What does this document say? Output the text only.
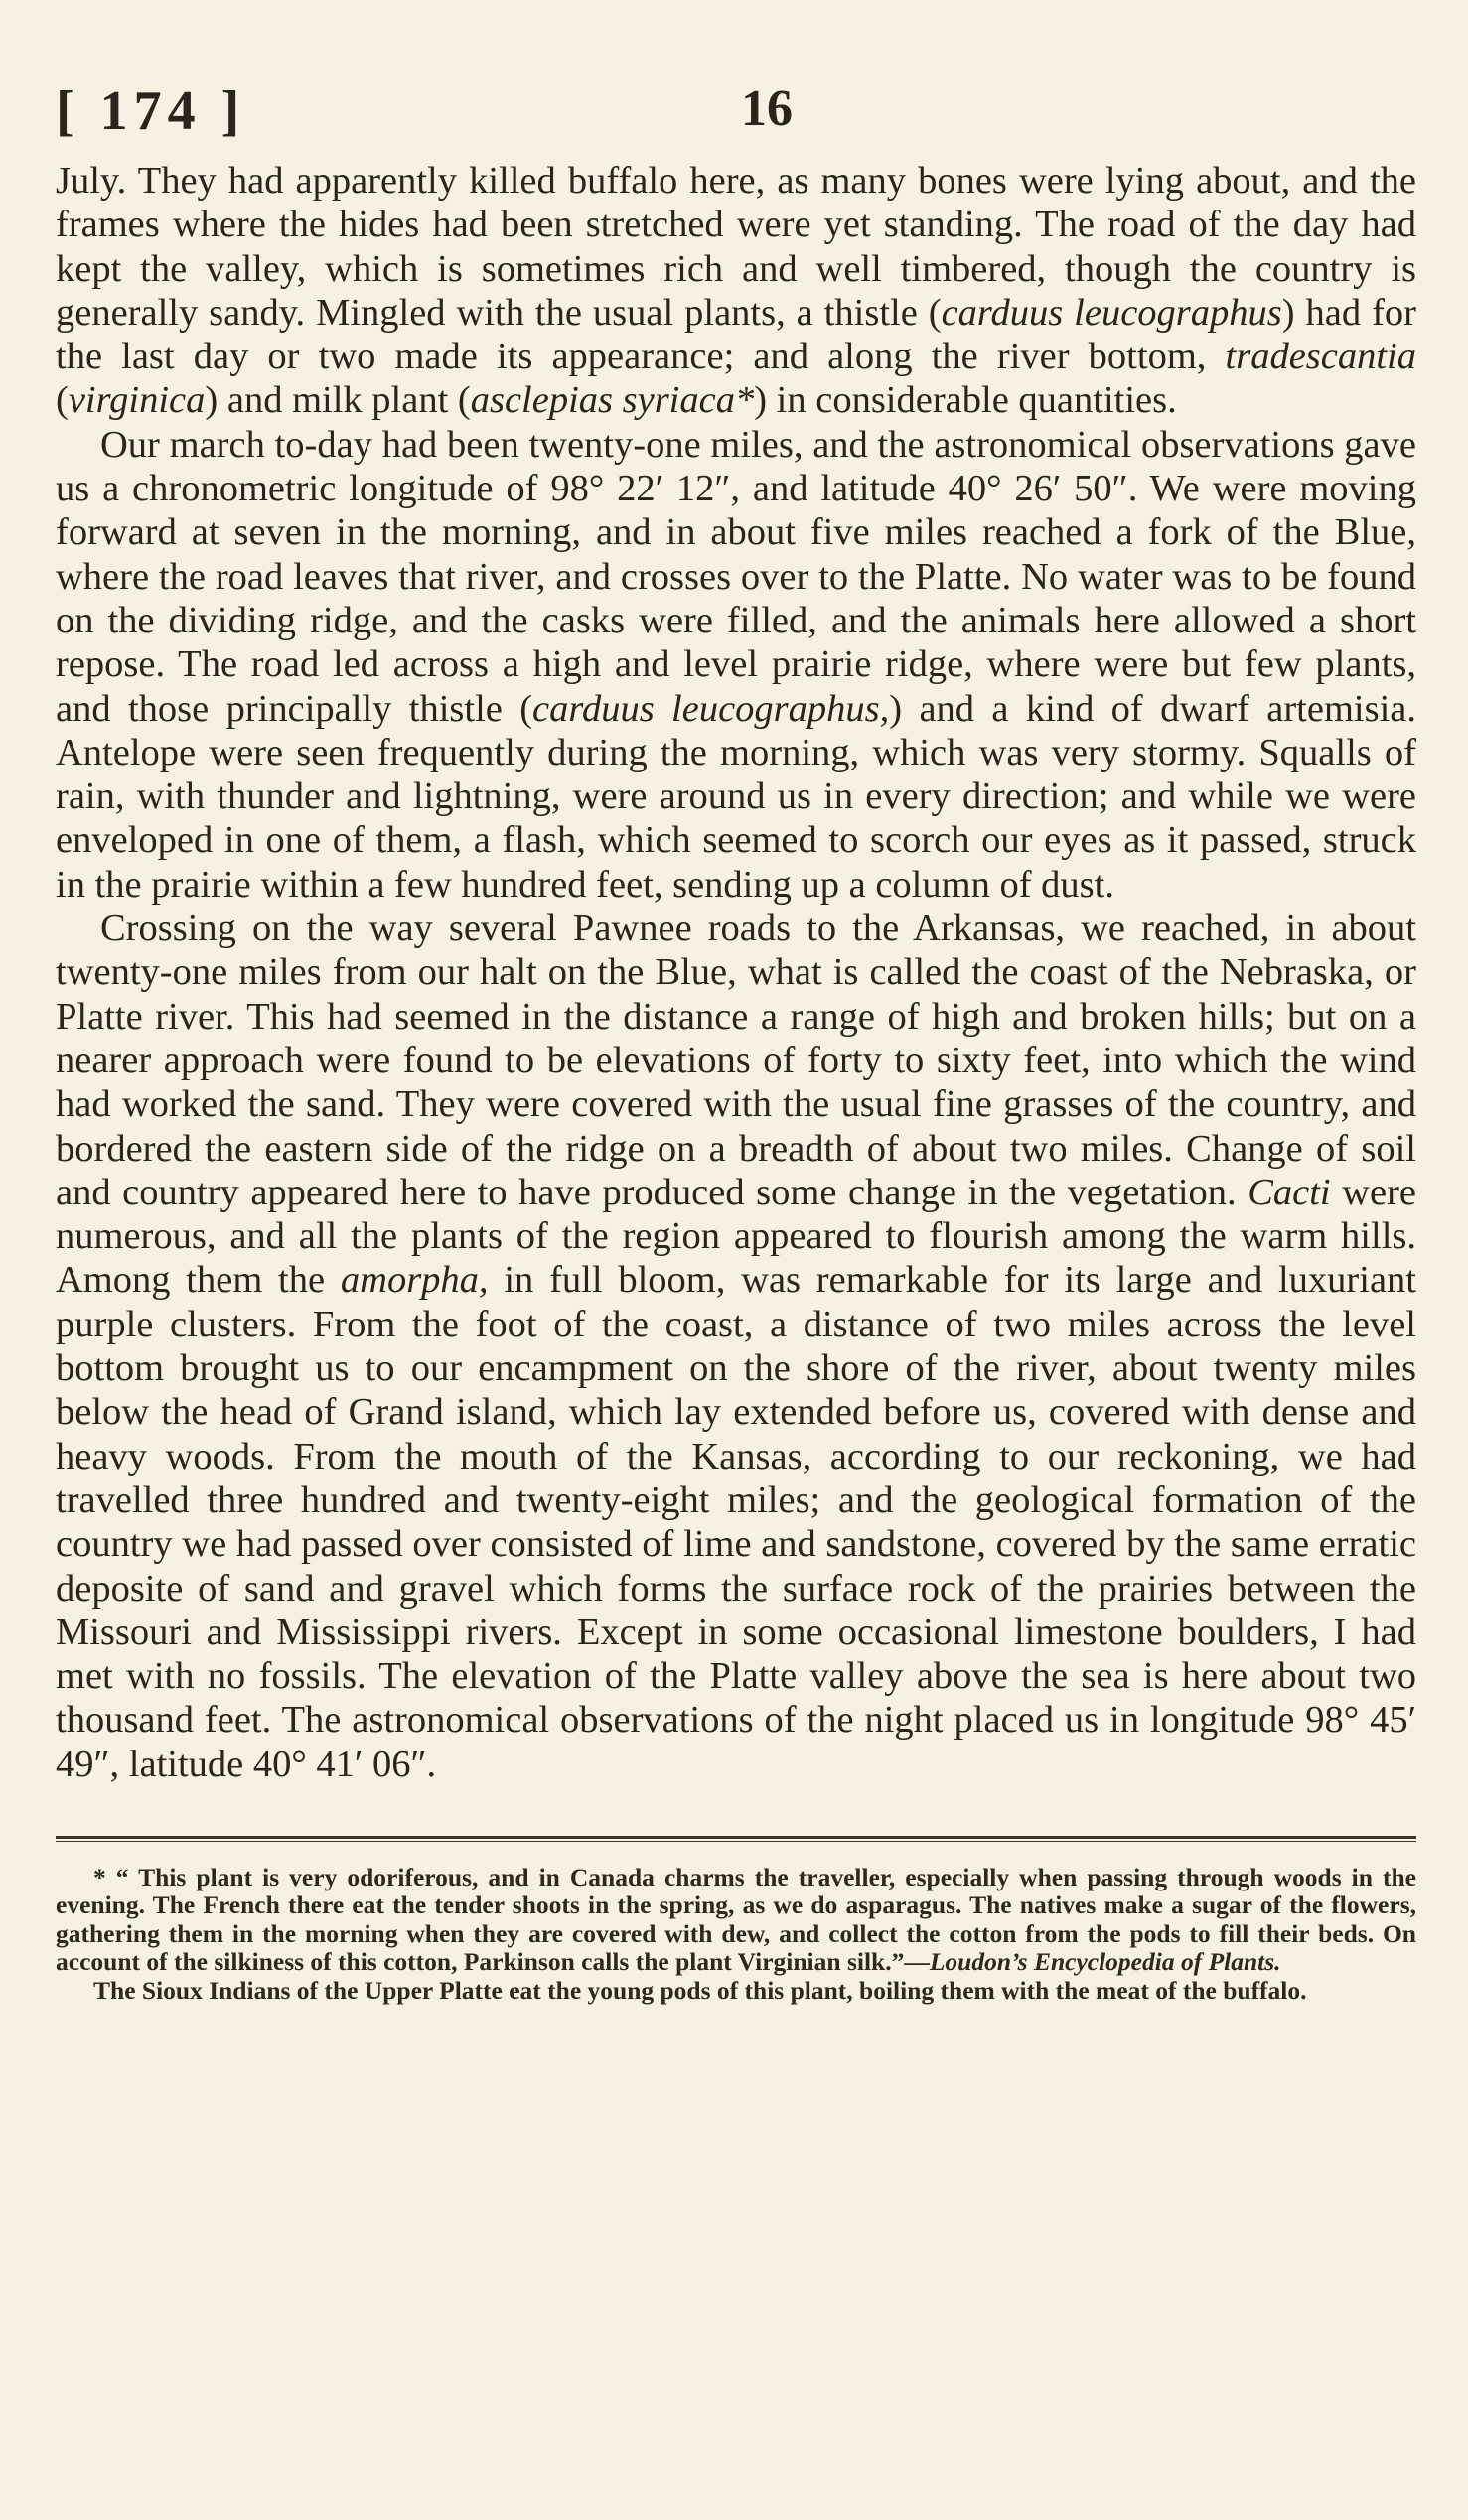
[ 174 ]	16

July. They had apparently killed buffalo here, as many bones were lying about, and the frames where the hides had been stretched were yet standing. The road of the day had kept the valley, which is sometimes rich and well timbered, though the country is generally sandy. Mingled with the usual plants, a thistle (carduus leucographus) had for the last day or two made its appearance; and along the river bottom, tradescantia (virginica) and milk plant (asclepias syriaca*) in considerable quantities.

Our march to-day had been twenty-one miles, and the astronomical observations gave us a chronometric longitude of 98° 22′ 12″, and latitude 40° 26′ 50″. We were moving forward at seven in the morning, and in about five miles reached a fork of the Blue, where the road leaves that river, and crosses over to the Platte. No water was to be found on the dividing ridge, and the casks were filled, and the animals here allowed a short repose. The road led across a high and level prairie ridge, where were but few plants, and those principally thistle (carduus leucographus,) and a kind of dwarf artemisia. Antelope were seen frequently during the morning, which was very stormy. Squalls of rain, with thunder and lightning, were around us in every direction; and while we were enveloped in one of them, a flash, which seemed to scorch our eyes as it passed, struck in the prairie within a few hundred feet, sending up a column of dust.

Crossing on the way several Pawnee roads to the Arkansas, we reached, in about twenty-one miles from our halt on the Blue, what is called the coast of the Nebraska, or Platte river. This had seemed in the distance a range of high and broken hills; but on a nearer approach were found to be elevations of forty to sixty feet, into which the wind had worked the sand. They were covered with the usual fine grasses of the country, and bordered the eastern side of the ridge on a breadth of about two miles. Change of soil and country appeared here to have produced some change in the vegetation. Cacti were numerous, and all the plants of the region appeared to flourish among the warm hills. Among them the amorpha, in full bloom, was remarkable for its large and luxuriant purple clusters. From the foot of the coast, a distance of two miles across the level bottom brought us to our encampment on the shore of the river, about twenty miles below the head of Grand island, which lay extended before us, covered with dense and heavy woods. From the mouth of the Kansas, according to our reckoning, we had travelled three hundred and twenty-eight miles; and the geological formation of the country we had passed over consisted of lime and sandstone, covered by the same erratic deposite of sand and gravel which forms the surface rock of the prairies between the Missouri and Mississippi rivers. Except in some occasional limestone boulders, I had met with no fossils. The elevation of the Platte valley above the sea is here about two thousand feet. The astronomical observations of the night placed us in longitude 98° 45′ 49″, latitude 40° 41′ 06″.

* “ This plant is very odoriferous, and in Canada charms the traveller, especially when passing through woods in the evening. The French there eat the tender shoots in the spring, as we do asparagus. The natives make a sugar of the flowers, gathering them in the morning when they are covered with dew, and collect the cotton from the pods to fill their beds. On account of the silkiness of this cotton, Parkinson calls the plant Virginian silk.”—Loudon’s Encyclopedia of Plants.

The Sioux Indians of the Upper Platte eat the young pods of this plant, boiling them with the meat of the buffalo.
